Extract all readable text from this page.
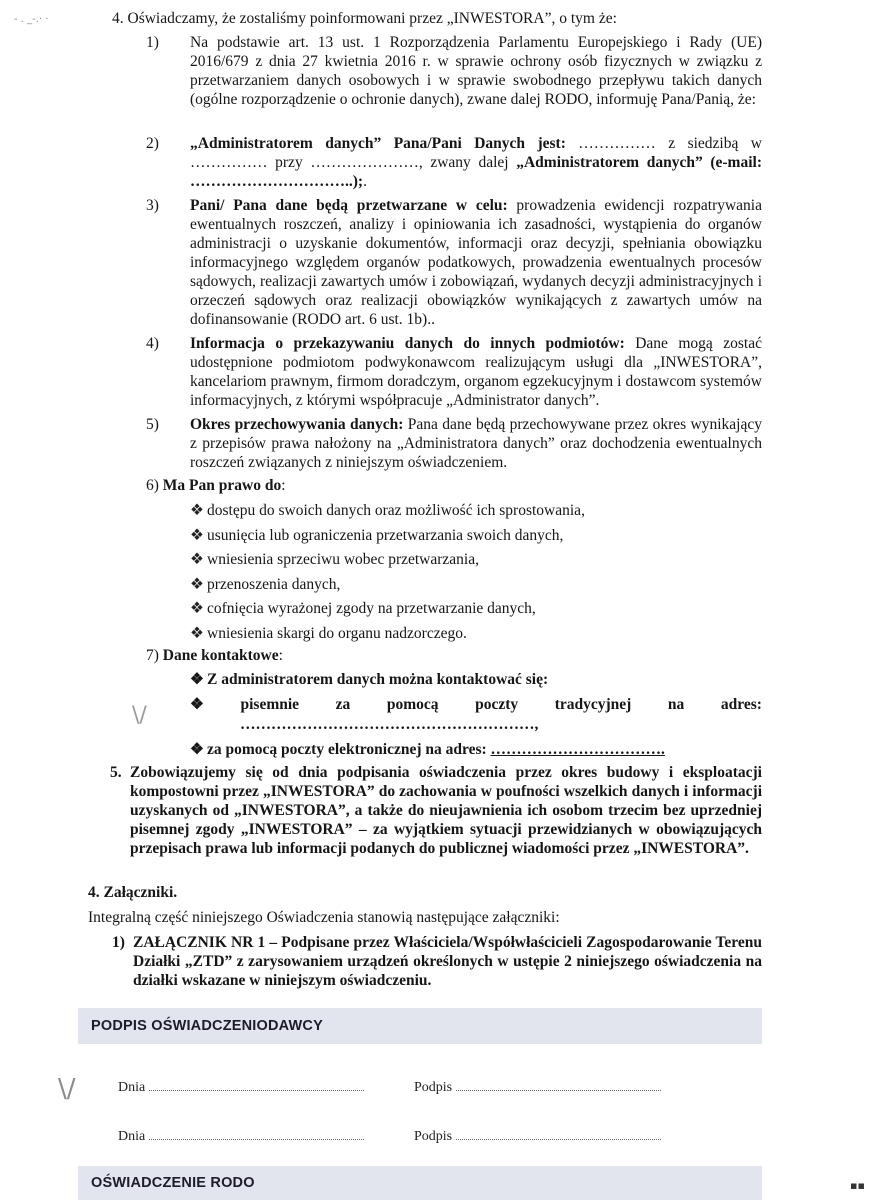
- . _-.· ·
\/
\/
4. Oświadczamy, że zostaliśmy poinformowani przez „INWESTORA”, o tym że:
1) Na podstawie art. 13 ust. 1 Rozporządzenia Parlamentu Europejskiego i Rady (UE) 2016/679 z dnia 27 kwietnia 2016 r. w sprawie ochrony osób fizycznych w związku z przetwarzaniem danych osobowych i w sprawie swobodnego przepływu takich danych (ogólne rozporządzenie o ochronie danych), zwane dalej RODO, informuję Pana/Panią, że:
2) „Administratorem danych” Pana/Pani Danych jest: …………… z siedzibą w …………… przy …………………, zwany dalej „Administratorem danych” (e-mail: …………………………..);.
3) Pani/ Pana dane będą przetwarzane w celu: prowadzenia ewidencji rozpatrywania ewentualnych roszczeń, analizy i opiniowania ich zasadności, wystąpienia do organów administracji o uzyskanie dokumentów, informacji oraz decyzji, spełniania obowiązku informacyjnego względem organów podatkowych, prowadzenia ewentualnych procesów sądowych, realizacji zawartych umów i zobowiązań, wydanych decyzji administracyjnych i orzeczeń sądowych oraz realizacji obowiązków wynikających z zawartych umów na dofinansowanie (RODO art. 6 ust. 1b)..
4) Informacja o przekazywaniu danych do innych podmiotów: Dane mogą zostać udostępnione podmiotom podwykonawcom realizującym usługi dla „INWESTORA”, kancelariom prawnym, firmom doradczym, organom egzekucyjnym i dostawcom systemów informacyjnych, z którymi współpracuje „Administrator danych”.
5) Okres przechowywania danych: Pana dane będą przechowywane przez okres wynikający z przepisów prawa nałożony na „Administratora danych” oraz dochodzenia ewentualnych roszczeń związanych z niniejszym oświadczeniem.
6) Ma Pan prawo do:
❖ dostępu do swoich danych oraz możliwość ich sprostowania,
❖ usunięcia lub ograniczenia przetwarzania swoich danych,
❖ wniesienia sprzeciwu wobec przetwarzania,
❖ przenoszenia danych,
❖ cofnięcia wyrażonej zgody na przetwarzanie danych,
❖ wniesienia skargi do organu nadzorczego.
7) Dane kontaktowe:
❖ Z administratorem danych można kontaktować się:
❖ pisemnie za pomocą poczty tradycyjnej na adres:
…………………………………………………,
❖ za pomocą poczty elektronicznej na adres: …………………………….
5. Zobowiązujemy się od dnia podpisania oświadczenia przez okres budowy i eksploatacji kompostowni przez „INWESTORA” do zachowania w poufności wszelkich danych i informacji uzyskanych od „INWESTORA”, a także do nieujawnienia ich osobom trzecim bez uprzedniej pisemnej zgody „INWESTORA” – za wyjątkiem sytuacji przewidzianych w obowiązujących przepisach prawa lub informacji podanych do publicznej wiadomości przez „INWESTORA”.
4. Załączniki.
Integralną część niniejszego Oświadczenia stanowią następujące załączniki:
1) ZAŁĄCZNIK NR 1 – Podpisane przez Właściciela/Współwłaścicieli Zagospodarowanie Terenu Działki „ZTD” z zarysowaniem urządzeń określonych w ustępie 2 niniejszego oświadczenia na działki wskazane w niniejszym oświadczeniu.
PODPIS OŚWIADCZENIODAWCY
Dnia	Podpis
Dnia	Podpis
OŚWIADCZENIE RODO	▪▪
